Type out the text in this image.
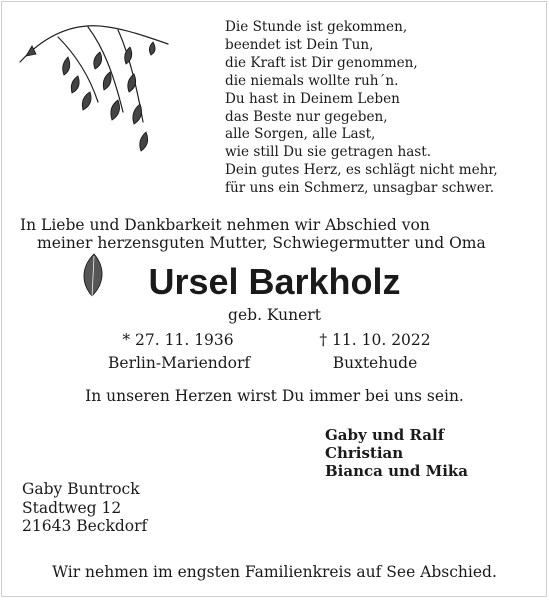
Die Stunde ist gekommen,
beendet ist Dein Tun,
die Kraft ist Dir genommen,
die niemals wollte ruh´n.
Du hast in Deinem Leben
das Beste nur gegeben,
alle Sorgen, alle Last,
wie still Du sie getragen hast.
Dein gutes Herz, es schlägt nicht mehr,
für uns ein Schmerz, unsagbar schwer.
In Liebe und Dankbarkeit nehmen wir Abschied von
meiner herzensguten Mutter, Schwiegermutter und Oma
Ursel Barkholz
geb. Kunert
* 27. 11. 1936
Berlin-Mariendorf
† 11. 10. 2022
Buxtehude
In unseren Herzen wirst Du immer bei uns sein.
Gaby und Ralf
Christian
Bianca und Mika
Gaby Buntrock
Stadtweg 12
21643 Beckdorf
Wir nehmen im engsten Familienkreis auf See Abschied.
